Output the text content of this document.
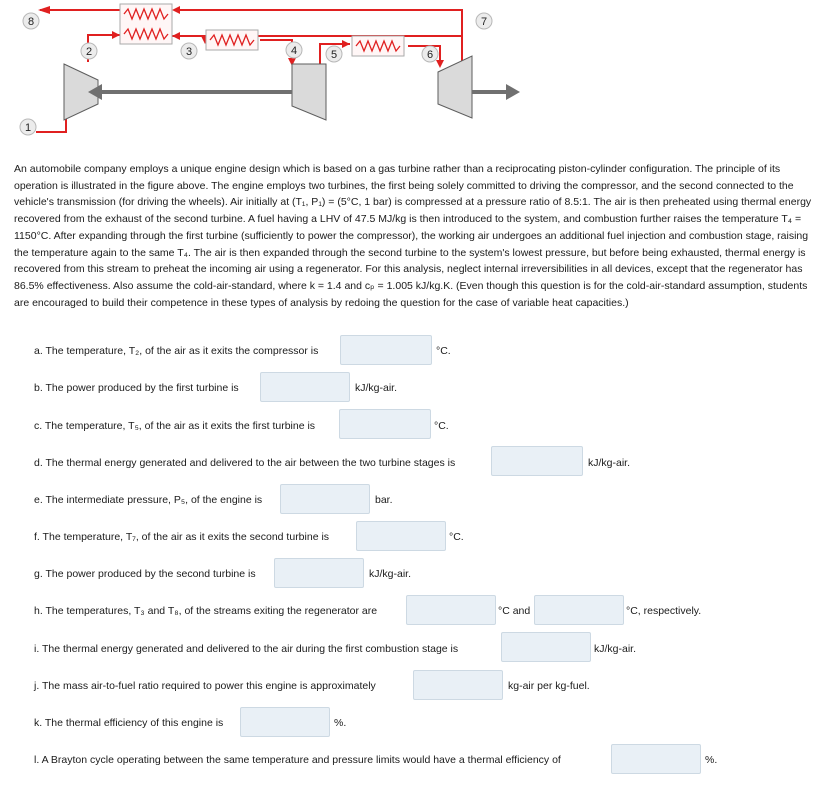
1
2	3	4	5	6
7
8

An automobile company employs a unique engine design which is based on a gas turbine rather than a reciprocating piston-cylinder configuration. The principle of its operation is illustrated in the figure above. The engine employs two turbines, the first being solely committed to driving the compressor, and the second connected to the vehicle's transmission (for driving the wheels). Air initially at (T₁, P₁) = (5°C, 1 bar) is compressed at a pressure ratio of 8.5:1. The air is then preheated using thermal energy recovered from the exhaust of the second turbine. A fuel having a LHV of 47.5 MJ/kg is then introduced to the system, and combustion further raises the temperature T₄ = 1150°C. After expanding through the first turbine (sufficiently to power the compressor), the working air undergoes an additional fuel injection and combustion stage, raising the temperature again to the same T₄. The air is then expanded through the second turbine to the system's lowest pressure, but before being exhausted, thermal energy is recovered from this stream to preheat the incoming air using a regenerator. For this analysis, neglect internal irreversibilities in all devices, except that the regenerator has 86.5% effectiveness. Also assume the cold-air-standard, where k = 1.4 and cₚ = 1.005 kJ/kg.K. (Even though this question is for the cold-air-standard assumption, students are encouraged to build their competence in these types of analysis by redoing the question for the case of variable heat capacities.)

a. The temperature, T₂, of the air as it exits the compressor is	°C.
b. The power produced by the first turbine is	kJ/kg-air.
c. The temperature, T₅, of the air as it exits the first turbine is	°C.
d. The thermal energy generated and delivered to the air between the two turbine stages is	kJ/kg-air.
e. The intermediate pressure, P₅, of the engine is	bar.
f. The temperature, T₇, of the air as it exits the second turbine is	°C.
g. The power produced by the second turbine is	kJ/kg-air.
h. The temperatures, T₃ and T₈, of the streams exiting the regenerator are	°C and	°C, respectively.
i. The thermal energy generated and delivered to the air during the first combustion stage is	kJ/kg-air.
j. The mass air-to-fuel ratio required to power this engine is approximately	kg-air per kg-fuel.
k. The thermal efficiency of this engine is	%.
l. A Brayton cycle operating between the same temperature and pressure limits would have a thermal efficiency of	%.
